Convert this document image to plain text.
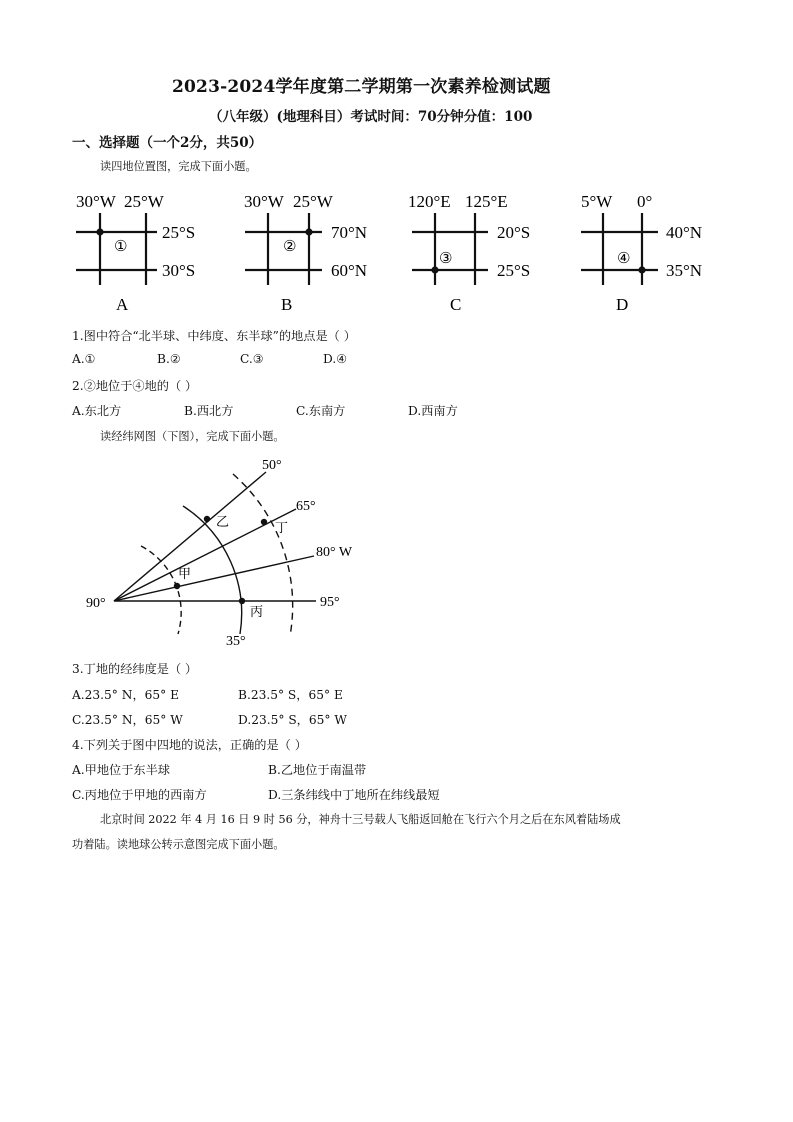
2023-2024学年度第二学期第一次素养检测试题
（八年级）(地理科目）考试时间：70分钟分值：100
一、选择题（一个2分，共50）
读四地位置图，完成下面小题。
30°W 25°W
25°S
30°S
①
A
30°W 25°W
70°N
60°N
②
B
120°E 125°E
20°S
25°S
③
C
5°W 0°
40°N
35°N
④
D
1.图中符合“北半球、中纬度、东半球”的地点是（ ）
A.①	B.②	C.③	D.④
2.②地位于④地的（ ）
A.东北方	B.西北方	C.东南方	D.西南方
读经纬网图（下图），完成下面小题。
50°
65°
80° W
95°
90°
35°
甲
乙	丁
丙
3.丁地的经纬度是（ ）
A.23.5° N，65° E	B.23.5° S，65° E
C.23.5° N，65° W	D.23.5° S，65° W
4.下列关于图中四地的说法，正确的是（ ）
A.甲地位于东半球	B.乙地位于南温带
C.丙地位于甲地的西南方	D.三条纬线中丁地所在纬线最短
北京时间 2022 年 4 月 16 日 9 时 56 分，神舟十三号载人飞船返回舱在飞行六个月之后在东风着陆场成
功着陆。读地球公转示意图完成下面小题。
